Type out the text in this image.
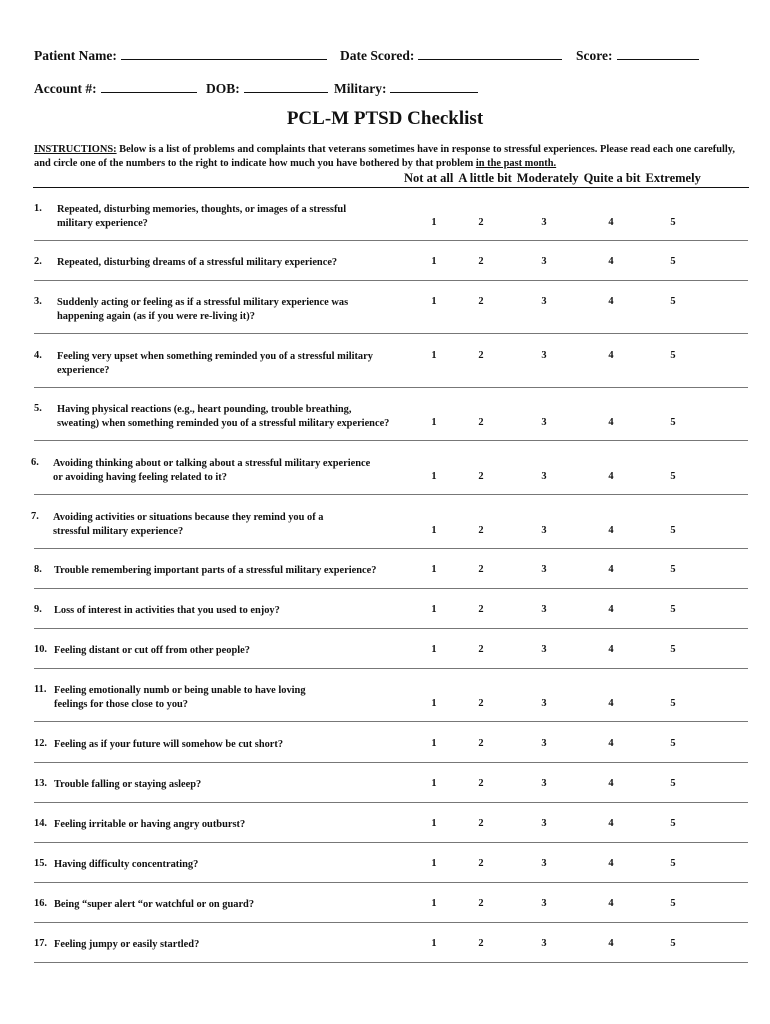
Patient Name:	Date Scored:	Score:
Account #:	DOB:	Military:
PCL-M PTSD Checklist
INSTRUCTIONS: Below is a list of problems and complaints that veterans sometimes have in response to stressful experiences. Please read each one carefully, and circle one of the numbers to the right to indicate how much you have bothered by that problem in the past month.
Not at all A little bit Moderately Quite a bit Extremely
1. Repeated, disturbing memories, thoughts, or images of a stressful
military experience?	1	2	3	4	5
2. Repeated, disturbing dreams of a stressful military experience?	1	2	3	4	5
3. Suddenly acting or feeling as if a stressful military experience was
happening again (as if you were re-living it)?
1	2	3	4	5
4. Feeling very upset when something reminded you of a stressful military
experience?
1	2	3	4	5
5. Having physical reactions (e.g., heart pounding, trouble breathing,
sweating) when something reminded you of a stressful military experience?	1	2	3	4	5
6. Avoiding thinking about or talking about a stressful military experience
or avoiding having feeling related to it?	1	2	3	4	5
7. Avoiding activities or situations because they remind you of a
stressful military experience?	1	2	3	4	5
8. Trouble remembering important parts of a stressful military experience?	1	2	3	4	5
9. Loss of interest in activities that you used to enjoy?	1	2	3	4	5
10. Feeling distant or cut off from other people?	1	2	3	4	5
11. Feeling emotionally numb or being unable to have loving
feelings for those close to you?	1	2	3	4	5
12. Feeling as if your future will somehow be cut short?	1	2	3	4	5
13. Trouble falling or staying asleep?	1	2	3	4	5
14. Feeling irritable or having angry outburst?	1	2	3	4	5
15. Having difficulty concentrating?	1	2	3	4	5
16. Being “super alert “or watchful or on guard?	1	2	3	4	5
17. Feeling jumpy or easily startled?	1	2	3	4	5
